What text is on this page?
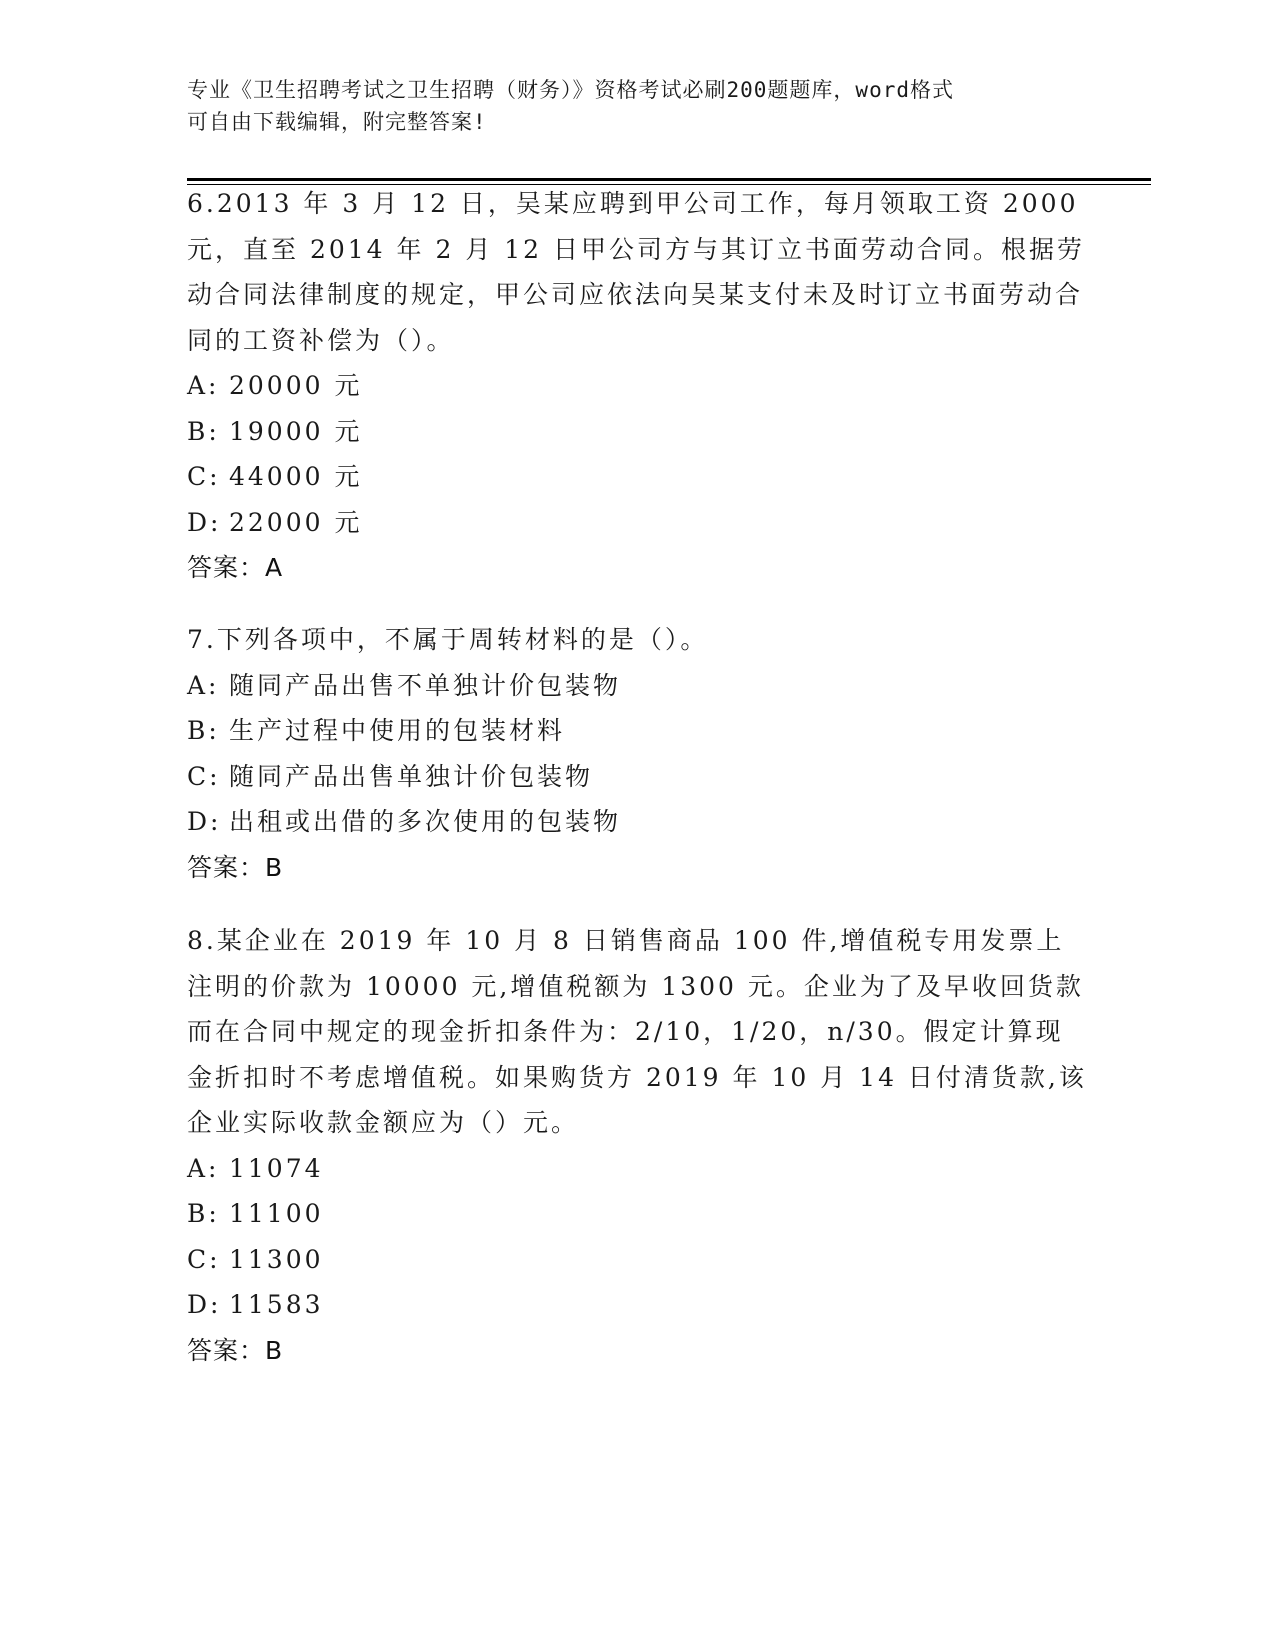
专业《卫生招聘考试之卫生招聘（财务）》资格考试必刷200题题库，word格式
可自由下载编辑，附完整答案!

6.2013 年 3 月 12 日，吴某应聘到甲公司工作，每月领取工资 2000 元，直至 2014 年 2 月 12 日甲公司方与其订立书面劳动合同。根据劳动合同法律制度的规定，甲公司应依法向吴某支付未及时订立书面劳动合同的工资补偿为（）。

A: 20000 元

B: 19000 元

C: 44000 元

D: 22000 元

答案：A

7.下列各项中，不属于周转材料的是（）。

A: 随同产品出售不单独计价包装物

B: 生产过程中使用的包装材料

C: 随同产品出售单独计价包装物

D: 出租或出借的多次使用的包装物

答案：B

8.某企业在 2019 年 10 月 8 日销售商品 100 件,增值税专用发票上注明的价款为 10000 元,增值税额为 1300 元。企业为了及早收回货款而在合同中规定的现金折扣条件为：2/10，1/20，n/30。假定计算现金折扣时不考虑增值税。如果购货方 2019 年 10 月 14 日付清货款,该企业实际收款金额应为（）元。

A: 11074

B: 11100

C: 11300

D: 11583

答案：B
